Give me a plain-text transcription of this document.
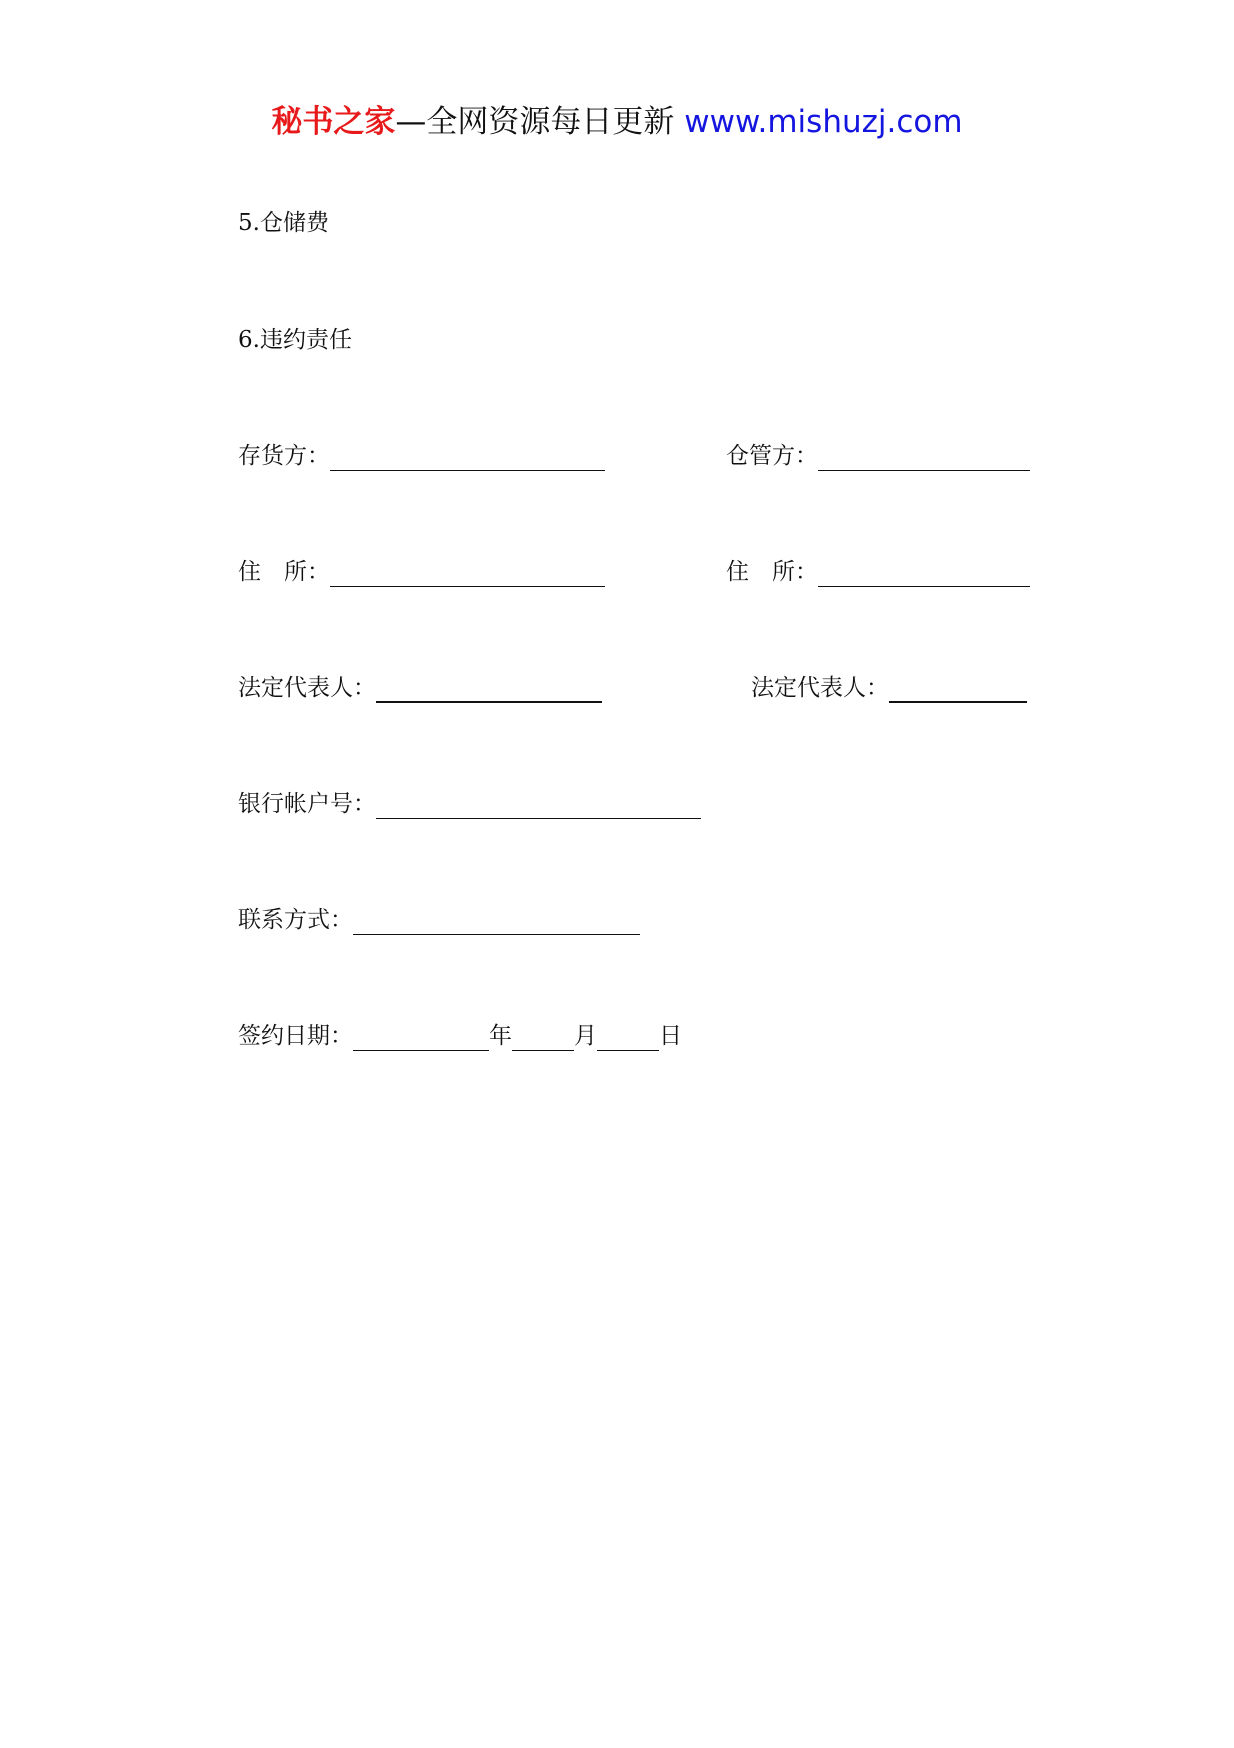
秘书之家—全网资源每日更新 www.mishuzj.com
5.仓储费
6.违约责任
存货方：	仓管方：
住　所：	住　所：
法定代表人：	法定代表人：
银行帐户号：
联系方式：
签约日期：	年	月	日
